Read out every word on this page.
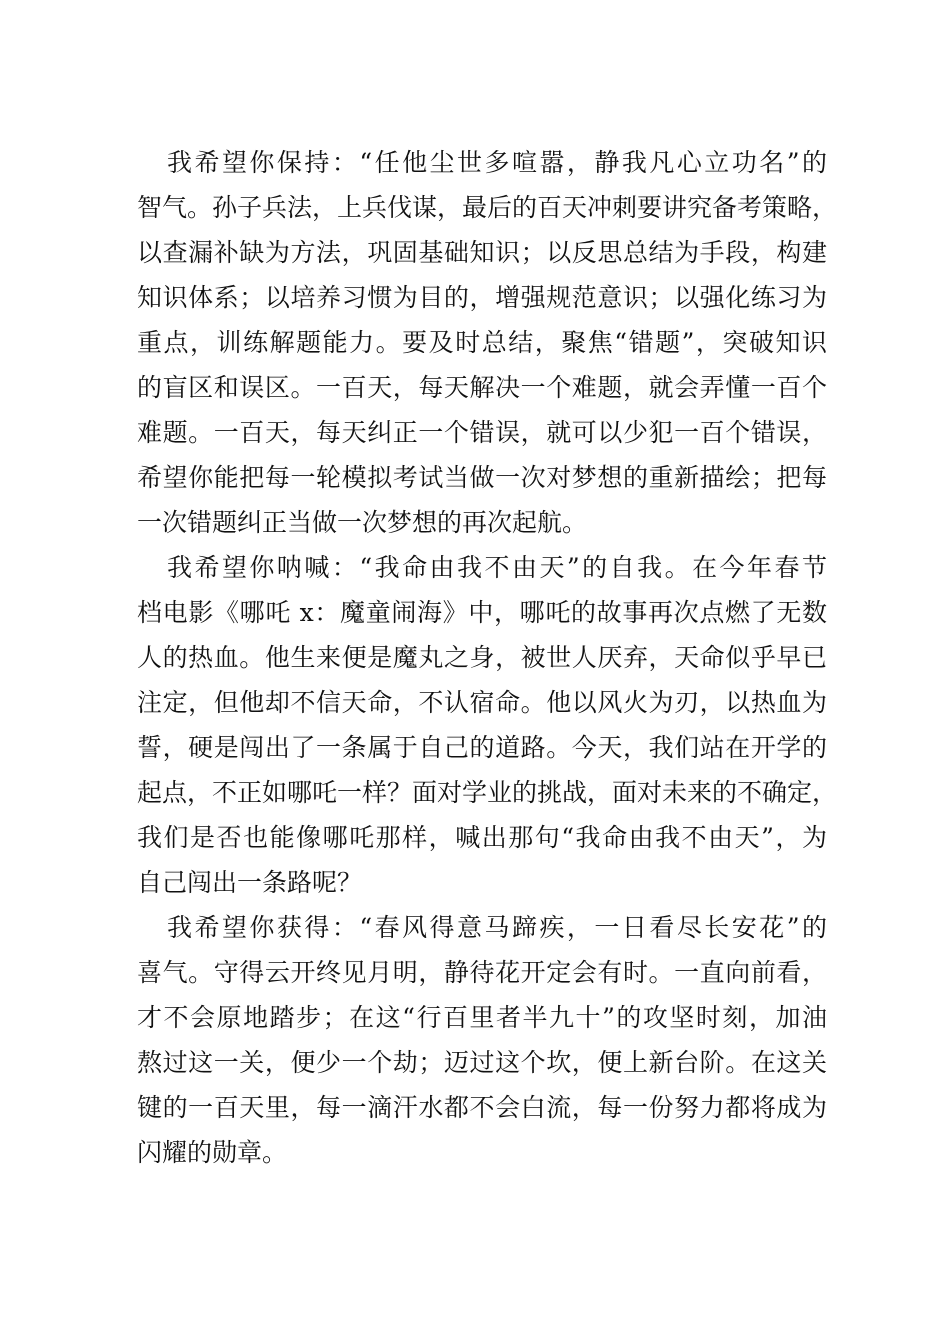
我希望你保持：“任他尘世多喧嚣，静我凡心立功名”的
智气。孙子兵法，上兵伐谋，最后的百天冲刺要讲究备考策略，
以查漏补缺为方法，巩固基础知识；以反思总结为手段，构建
知识体系；以培养习惯为目的，增强规范意识；以强化练习为
重点，训练解题能力。要及时总结，聚焦“错题”，突破知识
的盲区和误区。一百天，每天解决一个难题，就会弄懂一百个
难题。一百天，每天纠正一个错误，就可以少犯一百个错误，
希望你能把每一轮模拟考试当做一次对梦想的重新描绘；把每
一次错题纠正当做一次梦想的再次起航。
我希望你呐喊：“我命由我不由天”的自我。在今年春节
档电影《哪吒 x：魔童闹海》中，哪吒的故事再次点燃了无数
人的热血。他生来便是魔丸之身，被世人厌弃，天命似乎早已
注定，但他却不信天命，不认宿命。他以风火为刃，以热血为
誓，硬是闯出了一条属于自己的道路。今天，我们站在开学的
起点，不正如哪吒一样？面对学业的挑战，面对未来的不确定，
我们是否也能像哪吒那样，喊出那句“我命由我不由天”，为
自己闯出一条路呢？
我希望你获得：“春风得意马蹄疾，一日看尽长安花”的
喜气。守得云开终见月明，静待花开定会有时。一直向前看，
才不会原地踏步；在这“行百里者半九十”的攻坚时刻，加油
熬过这一关，便少一个劫；迈过这个坎，便上新台阶。在这关
键的一百天里，每一滴汗水都不会白流，每一份努力都将成为
闪耀的勋章。
